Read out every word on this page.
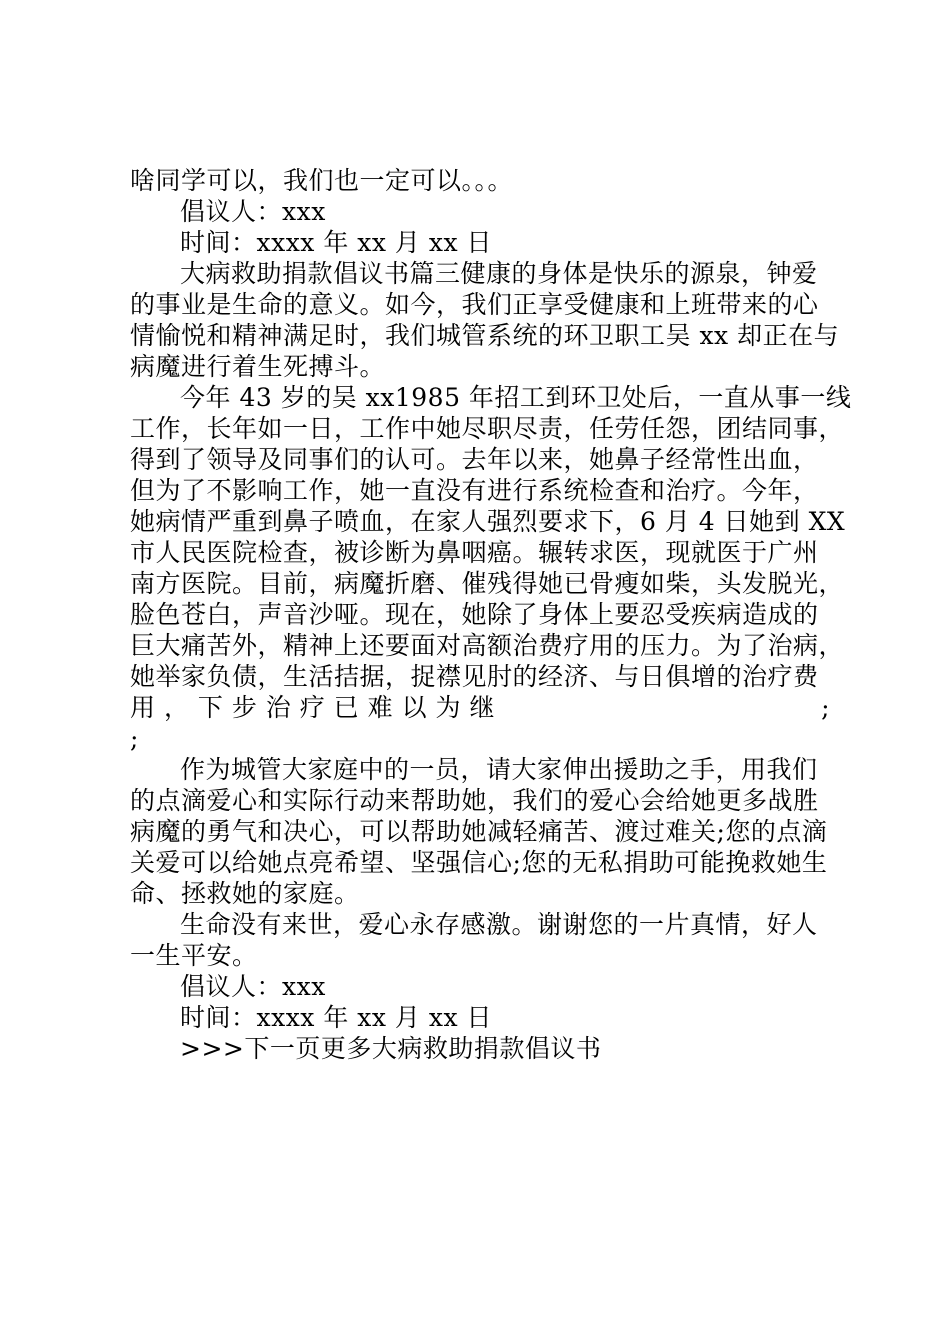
啥同学可以，我们也一定可以。。。
倡议人：xxx
时间：xxxx 年 xx 月 xx 日
大病救助捐款倡议书篇三健康的身体是快乐的源泉，钟爱
的事业是生命的意义。如今，我们正享受健康和上班带来的心
情愉悦和精神满足时，我们城管系统的环卫职工吴 xx 却正在与
病魔进行着生死搏斗。
今年 43 岁的吴 xx1985 年招工到环卫处后，一直从事一线
工作，长年如一日，工作中她尽职尽责，任劳任怨，团结同事，
得到了领导及同事们的认可。去年以来，她鼻子经常性出血，
但为了不影响工作，她一直没有进行系统检查和治疗。今年，
她病情严重到鼻子喷血，在家人强烈要求下，6 月 4 日她到 XX
市人民医院检查，被诊断为鼻咽癌。辗转求医，现就医于广州
南方医院。目前，病魔折磨、催残得她已骨瘦如柴，头发脱光，
脸色苍白，声音沙哑。现在，她除了身体上要忍受疾病造成的
巨大痛苦外，精神上还要面对高额治费疗用的压力。为了治病，
她举家负债，生活拮据，捉襟见肘的经济、与日俱增的治疗费
用 ， 下 步 治 疗 已 难 以 为 继	;
;
作为城管大家庭中的一员，请大家伸出援助之手，用我们
的点滴爱心和实际行动来帮助她，我们的爱心会给她更多战胜
病魔的勇气和决心，可以帮助她减轻痛苦、渡过难关;您的点滴
关爱可以给她点亮希望、坚强信心;您的无私捐助可能挽救她生
命、拯救她的家庭。
生命没有来世，爱心永存感激。谢谢您的一片真情，好人
一生平安。
倡议人：xxx
时间：xxxx 年 xx 月 xx 日
>>>下一页更多大病救助捐款倡议书
